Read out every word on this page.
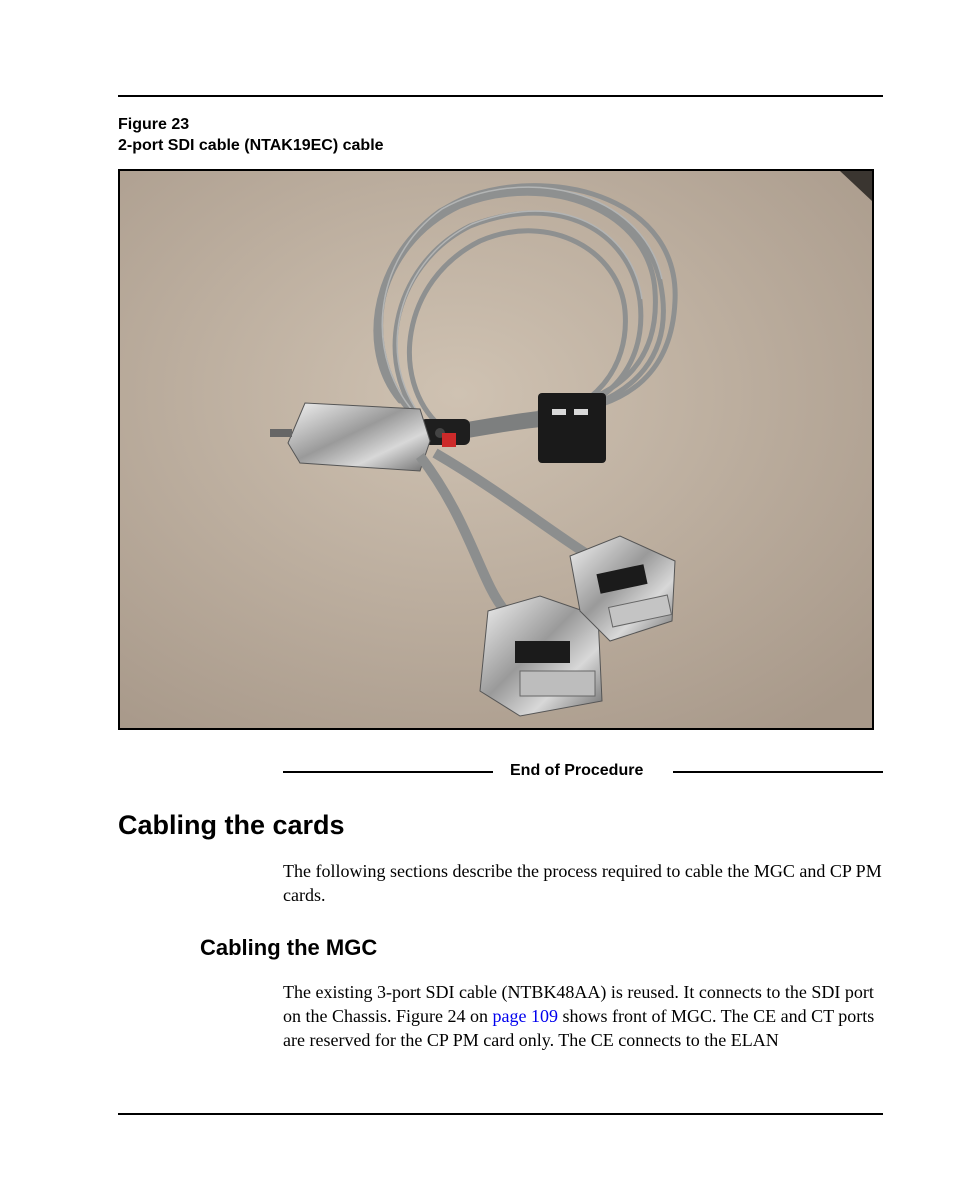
Figure 23
2-port SDI cable (NTAK19EC) cable
End of Procedure
Cabling the cards

The following sections describe the process required to cable the MGC and CP PM cards.

Cabling the MGC

The existing 3-port SDI cable (NTBK48AA) is reused. It connects to the SDI port on the Chassis. Figure 24 on page 109 shows front of MGC. The CE and CT ports are reserved for the CP PM card only. The CE connects to the ELAN
